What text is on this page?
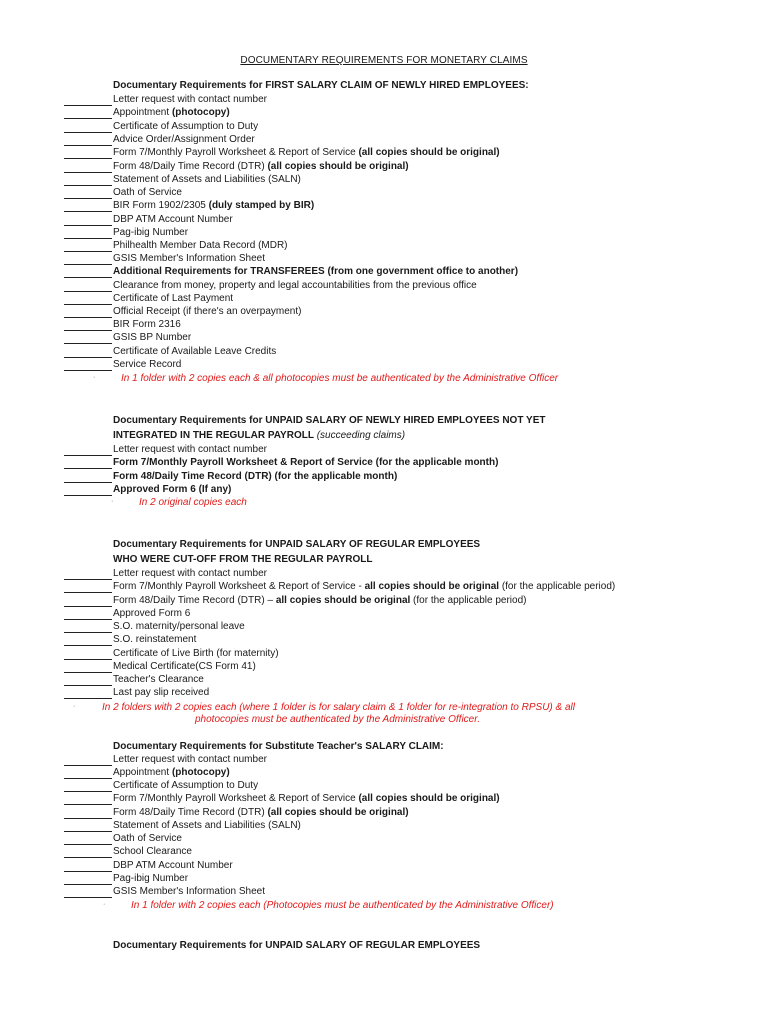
DOCUMENTARY REQUIREMENTS FOR MONETARY CLAIMS
Documentary Requirements for FIRST SALARY CLAIM OF NEWLY HIRED EMPLOYEES:
Letter request with contact number
Appointment (photocopy)
Certificate of Assumption to Duty
Advice Order/Assignment Order
Form 7/Monthly Payroll Worksheet & Report of Service (all copies should be original)
Form 48/Daily Time Record (DTR) (all copies should be original)
Statement of Assets and Liabilities (SALN)
Oath of Service
BIR Form 1902/2305 (duly stamped by BIR)
DBP ATM Account Number
Pag-ibig Number
Philhealth Member Data Record (MDR)
GSIS Member's Information Sheet
Additional Requirements for TRANSFEREES (from one government office to another)
Clearance from money, property and legal accountabilities from the previous office
Certificate of Last Payment
Official Receipt (if there's an overpayment)
BIR Form 2316
GSIS BP Number
Certificate of Available Leave Credits
Service Record
·	In 1 folder with 2 copies each & all photocopies must be authenticated by the Administrative Officer
Documentary Requirements for UNPAID SALARY OF NEWLY HIRED EMPLOYEES NOT YET
INTEGRATED IN THE REGULAR PAYROLL (succeeding claims)
Letter request with contact number
Form 7/Monthly Payroll Worksheet & Report of Service (for the applicable month)
Form 48/Daily Time Record (DTR) (for the applicable month)
Approved Form 6 (If any)
·	In 2 original copies each
Documentary Requirements for UNPAID SALARY OF REGULAR EMPLOYEES
WHO WERE CUT-OFF FROM THE REGULAR PAYROLL
Letter request with contact number
Form 7/Monthly Payroll Worksheet & Report of Service - all copies should be original (for the applicable period)
Form 48/Daily Time Record (DTR) – all copies should be original (for the applicable period)
Approved Form 6
S.O. maternity/personal leave
S.O. reinstatement
Certificate of Live Birth (for maternity)
Medical Certificate(CS Form 41)
Teacher's Clearance
Last pay slip received
·	In 2 folders with 2 copies each (where 1 folder is for salary claim & 1 folder for re-integration to RPSU) & all
photocopies must be authenticated by the Administrative Officer.
Documentary Requirements for Substitute Teacher's SALARY CLAIM:
Letter request with contact number
Appointment (photocopy)
Certificate of Assumption to Duty
Form 7/Monthly Payroll Worksheet & Report of Service (all copies should be original)
Form 48/Daily Time Record (DTR) (all copies should be original)
Statement of Assets and Liabilities (SALN)
Oath of Service
School Clearance
DBP ATM Account Number
Pag-ibig Number
GSIS Member's Information Sheet
·	In 1 folder with 2 copies each (Photocopies must be authenticated by the Administrative Officer)
Documentary Requirements for UNPAID SALARY OF REGULAR EMPLOYEES
